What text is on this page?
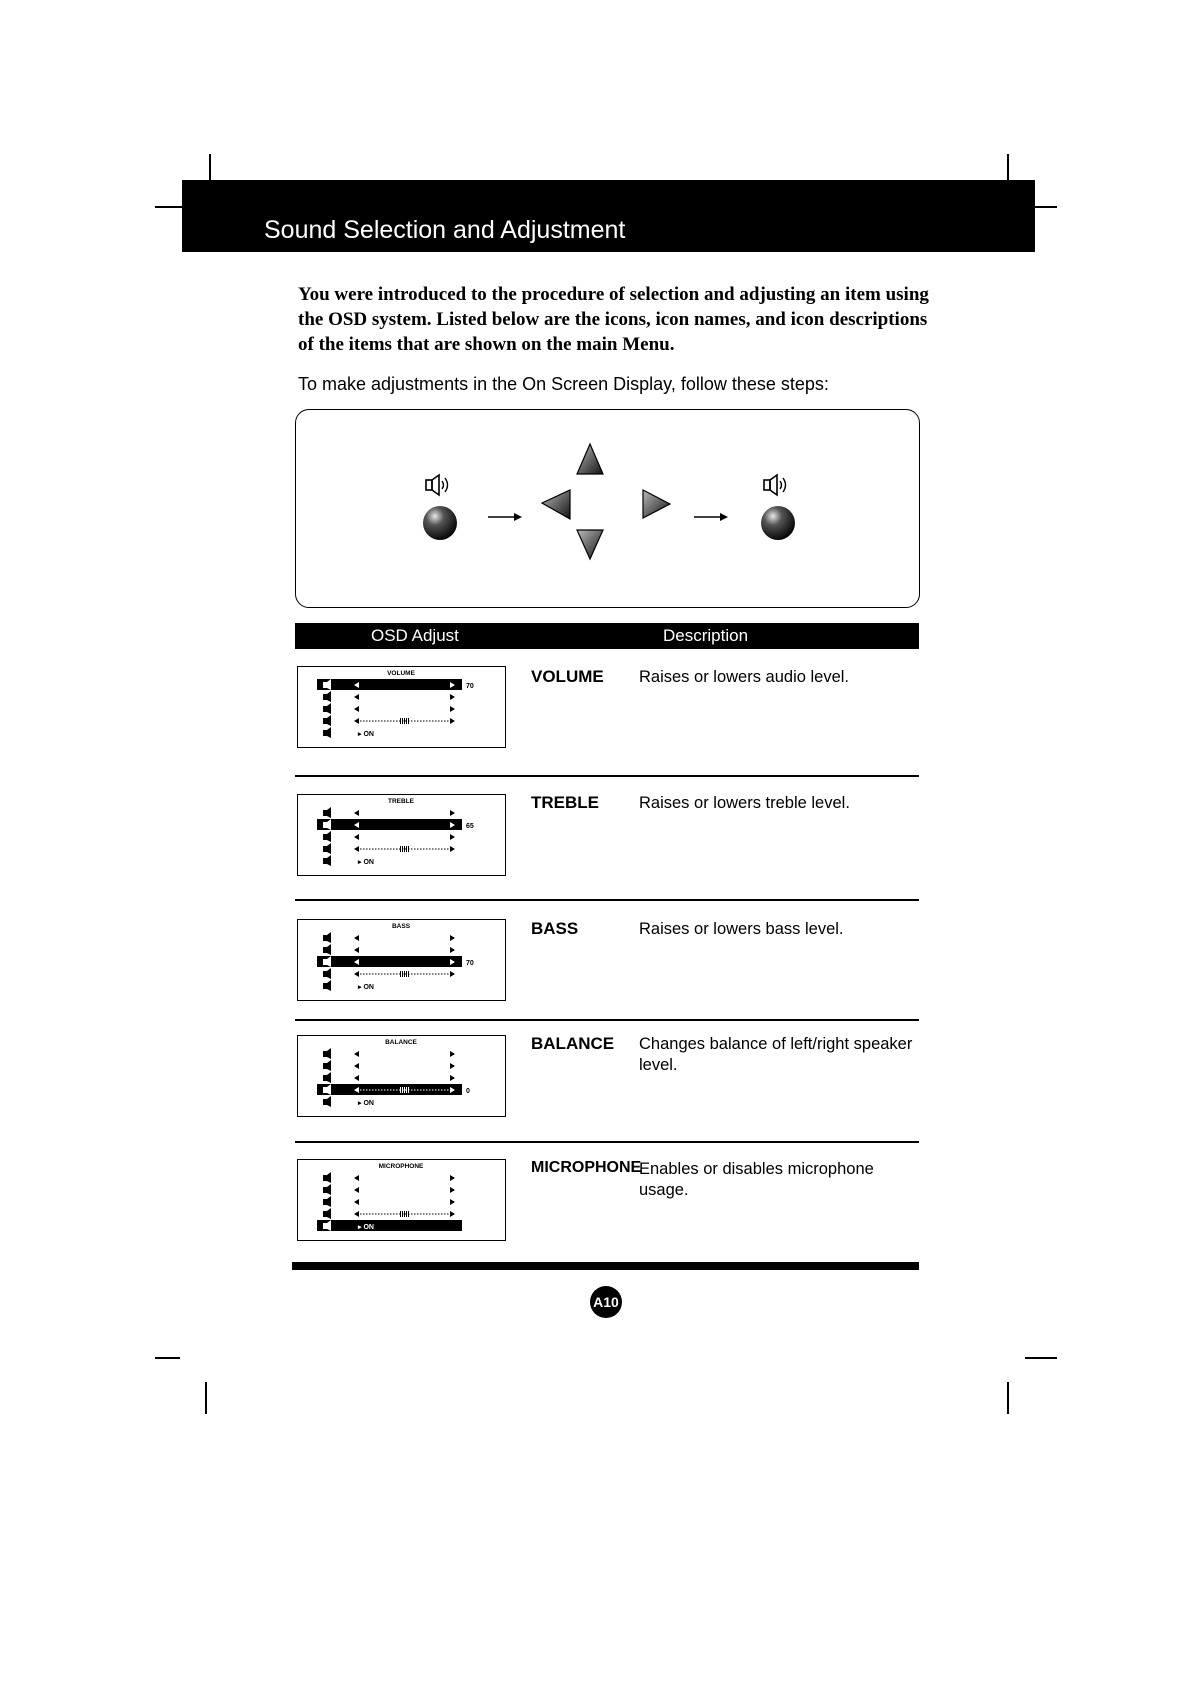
Sound Selection and Adjustment
You were introduced to the procedure of selection and adjusting an item using the OSD system. Listed below are the icons, icon names, and icon descriptions of the items that are shown on the main Menu.
To make adjustments in the On Screen Display, follow these steps:
OSD Adjust	Description
VOLUME
70
▸ ON
VOLUME Raises or lowers audio level.
TREBLE
65
▸ ON
TREBLE Raises or lowers treble level.
BASS
70
▸ ON
BASS	Raises or lowers bass level.
BALANCE
0
▸ ON
BALANCE Changes balance of left/right speaker level.
MICROPHONE
▸ ON
MICROPHONE
Enables or disables microphone usage.
A10
